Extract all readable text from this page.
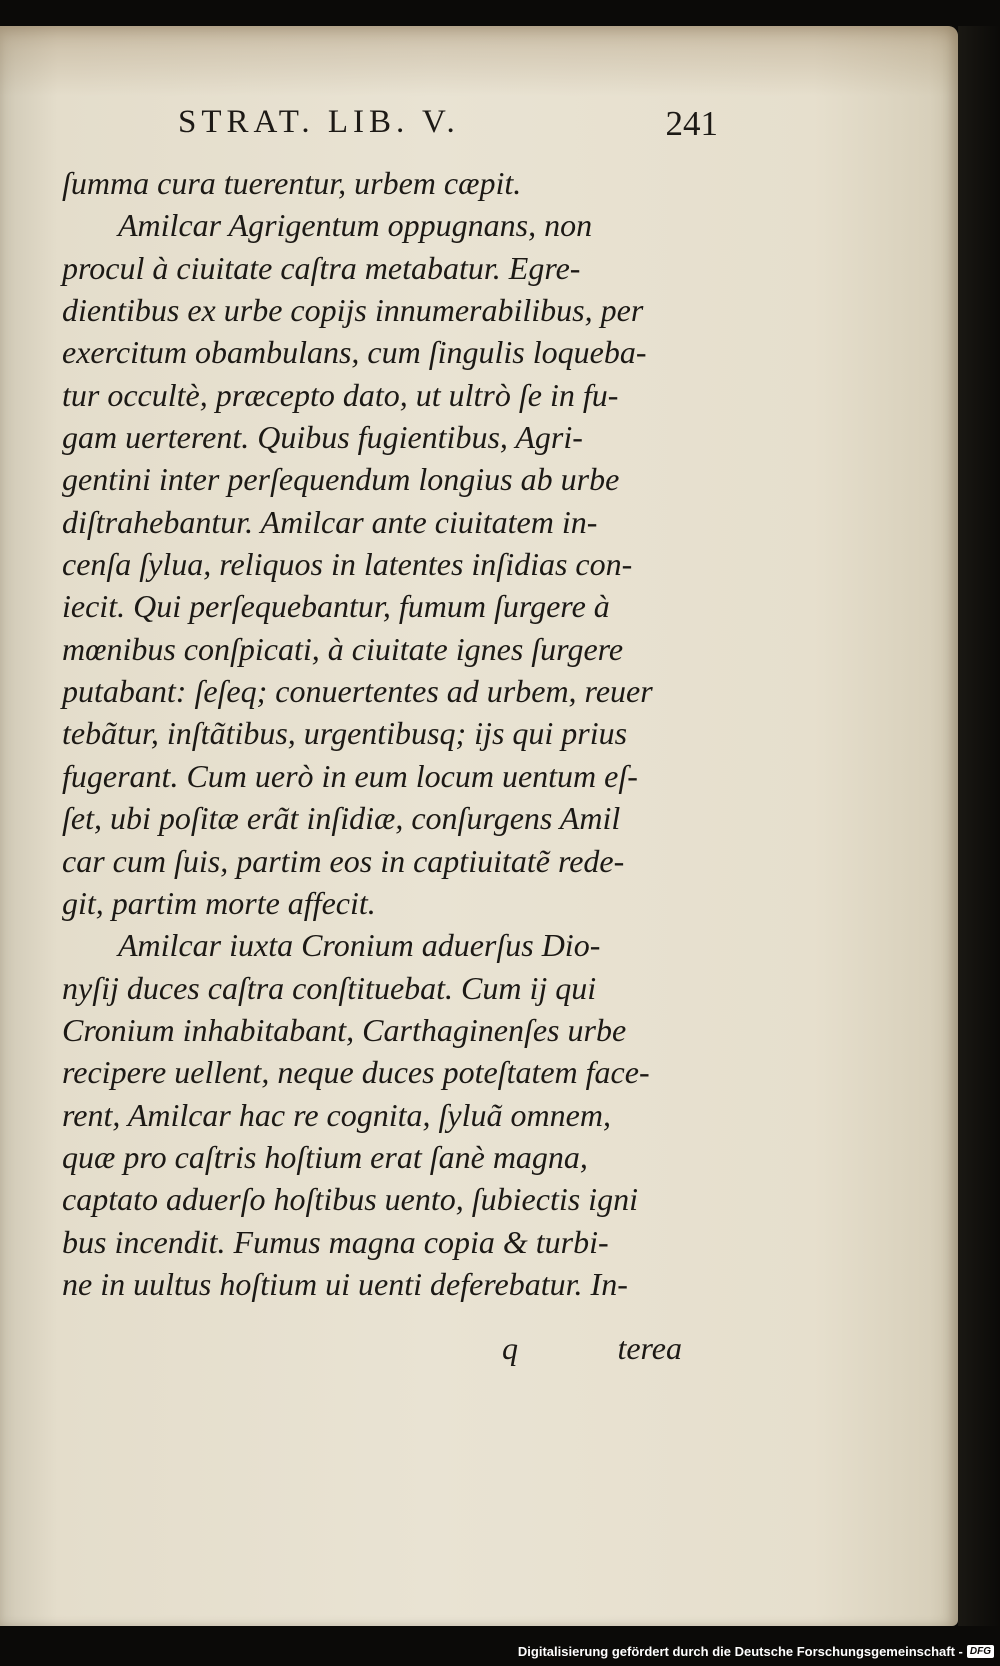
STRAT. LIB. V.	241
ſumma cura tuerentur, urbem cæpit.
Amilcar Agrigentum oppugnans, non
procul à ciuitate caſtra metabatur. Egre-
dientibus ex urbe copijs innumerabilibus, per
exercitum obambulans, cum ſingulis loqueba-
tur occultè, præcepto dato, ut ultrò ſe in fu-
gam uerterent. Quibus fugientibus, Agri-
gentini inter perſequendum longius ab urbe
diſtrahebantur. Amilcar ante ciuitatem in-
cenſa ſylua, reliquos in latentes inſidias con-
iecit. Qui perſequebantur, fumum ſurgere à
mœnibus conſpicati, à ciuitate ignes ſurgere
putabant: ſeſeq; conuertentes ad urbem, reuer
tebãtur, inſtãtibus, urgentibusq; ijs qui prius
fugerant. Cum uerò in eum locum uentum eſ-
ſet, ubi poſitæ erãt inſidiæ, conſurgens Amil
car cum ſuis, partim eos in captiuitatẽ rede-
git, partim morte affecit.
Amilcar iuxta Cronium aduerſus Dio-
nyſij duces caſtra conſtituebat. Cum ij qui
Cronium inhabitabant, Carthaginenſes urbe
recipere uellent, neque duces poteſtatem face-
rent, Amilcar hac re cognita, ſyluã omnem,
quæ pro caſtris hoſtium erat ſanè magna,
captato aduerſo hoſtibus uento, ſubiectis igni
bus incendit. Fumus magna copia & turbi-
ne in uultus hoſtium ui uenti deferebatur. In-
q	terea
Digitalisierung gefördert durch die Deutsche Forschungsgemeinschaft - DFG
